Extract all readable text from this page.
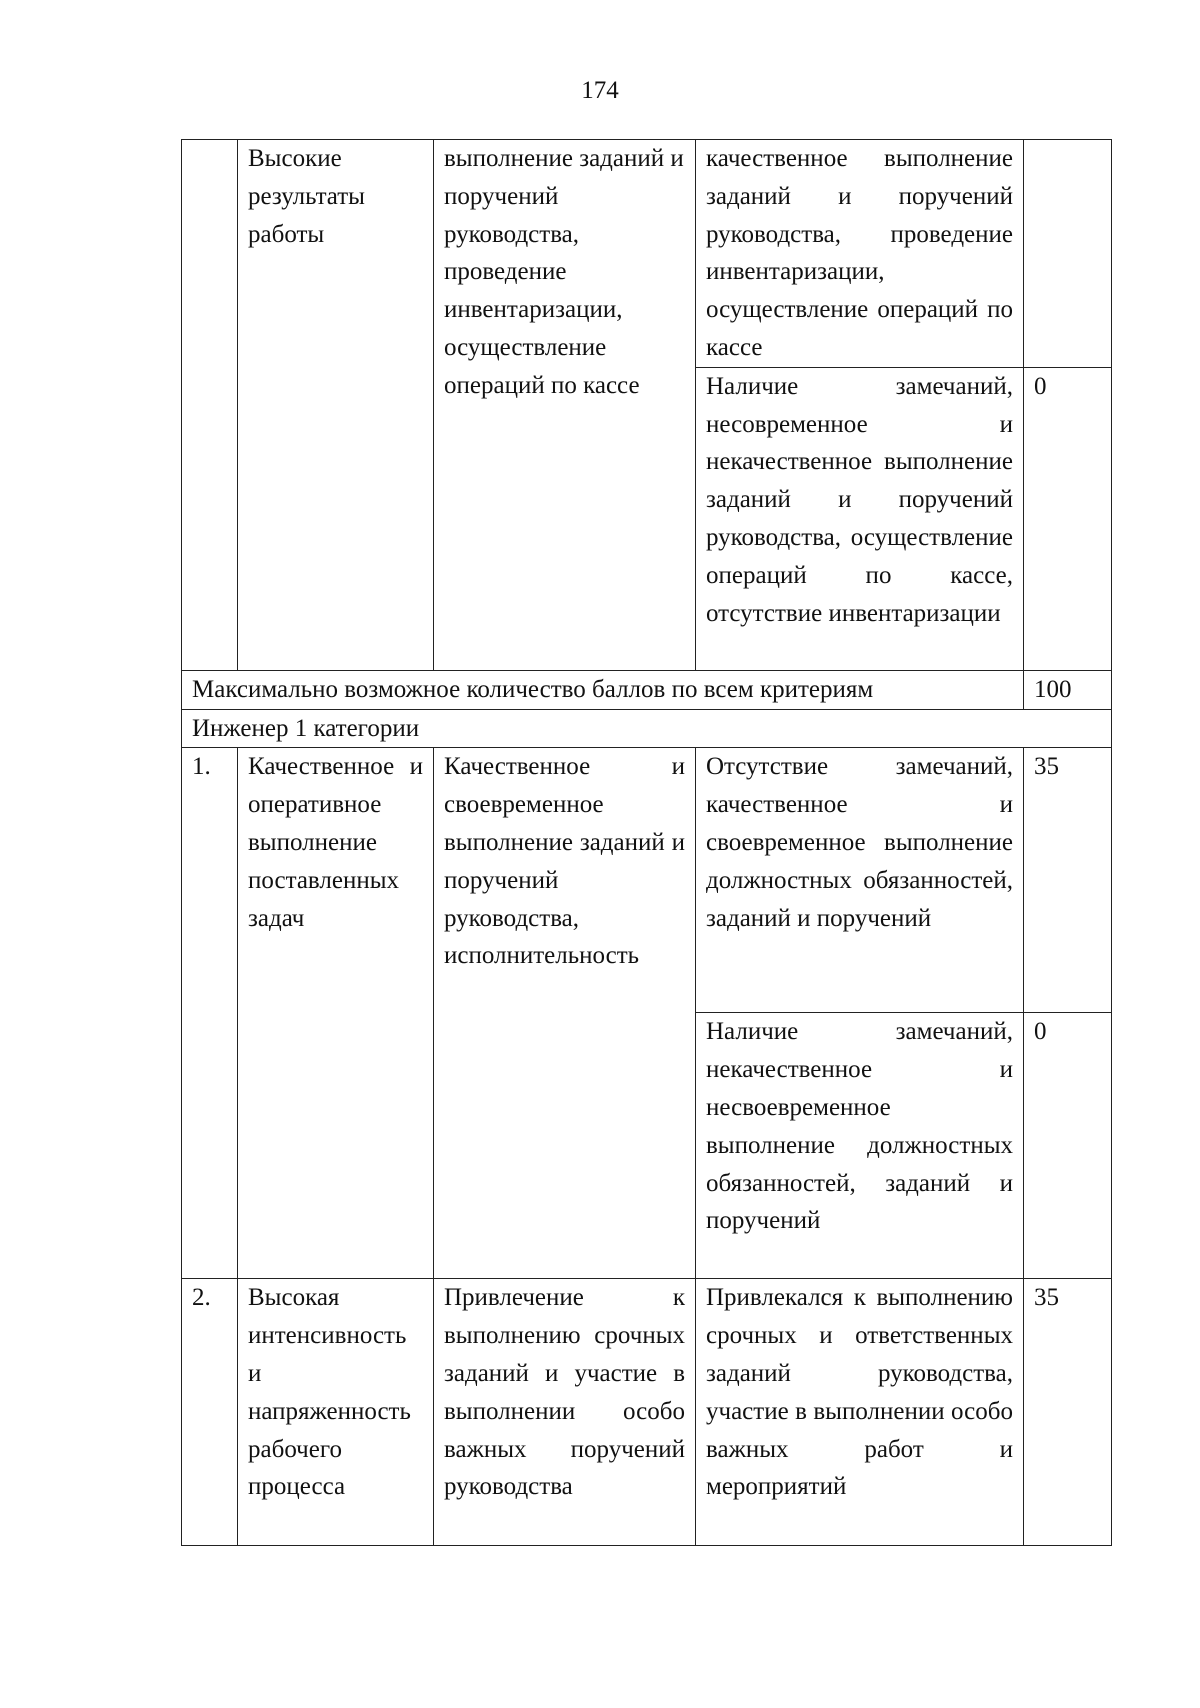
174

	Высокие результаты работы	выполнение заданий и поручений руководства, проведение инвентаризации, осуществление операций по кассе	качественное выполнение заданий и поручений руководства, проведение инвентаризации, осуществление операций по кассе	

			Наличие замечаний, несовременное и некачественное выполнение заданий и поручений руководства, осуществление операций по кассе, отсутствие инвентаризации	0
Максимально возможное количество баллов по всем критериям				100
Инженер 1 категории				
1.	Качественное и оперативное выполнение поставленных задач	Качественное и своевременное выполнение заданий и поручений руководства, исполнительность	Отсутствие замечаний, качественное и своевременное выполнение должностных обязанностей, заданий и поручений	35

			Наличие замечаний, некачественное и несвоевременное выполнение должностных обязанностей, заданий и поручений	0
2.	Высокая интенсивность и напряженность рабочего процесса	Привлечение к выполнению срочных заданий и участие в выполнении особо важных поручений руководства	Привлекался к выполнению срочных и ответственных заданий руководства, участие в выполнении особо важных работ и мероприятий	35
